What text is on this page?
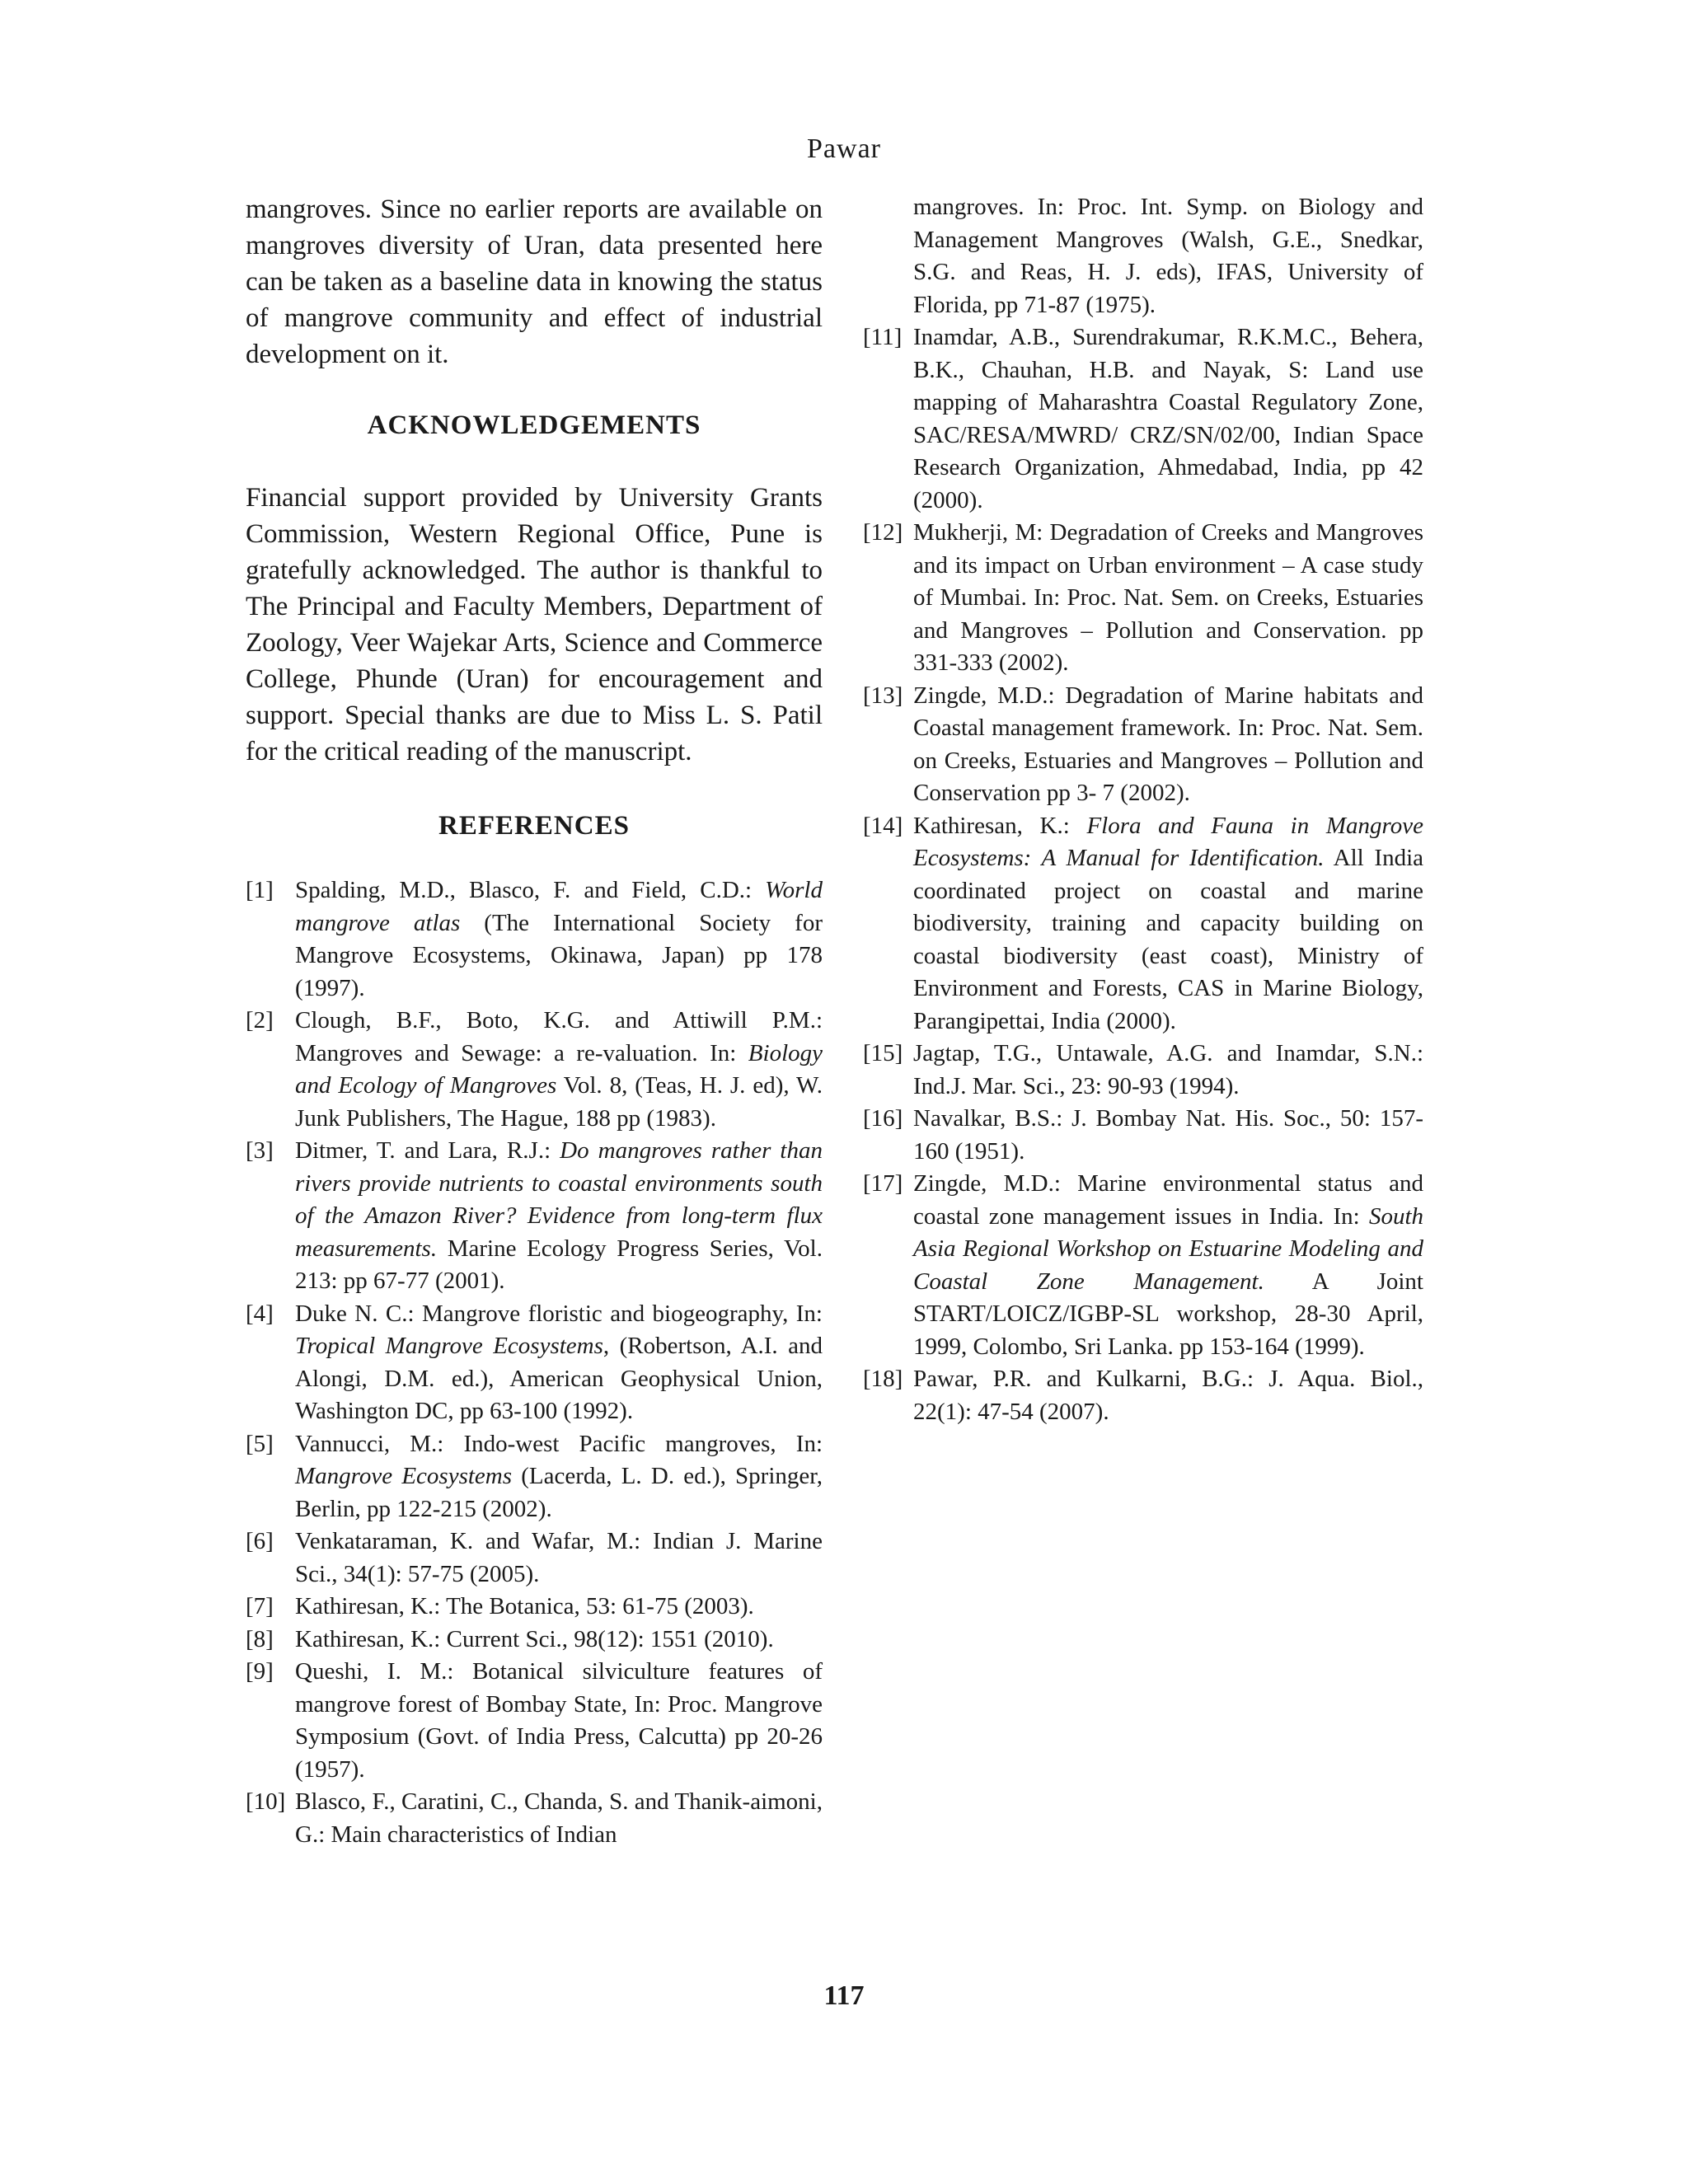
Pawar

mangroves. Since no earlier reports are available on mangroves diversity of Uran, data presented here can be taken as a baseline data in knowing the status of mangrove community and effect of industrial development on it.

ACKNOWLEDGEMENTS

Financial support provided by University Grants Commission, Western Regional Office, Pune is gratefully acknowledged. The author is thankful to The Principal and Faculty Members, Department of Zoology, Veer Wajekar Arts, Science and Commerce College, Phunde (Uran) for encouragement and support. Special thanks are due to Miss L. S. Patil for the critical reading of the manuscript.

REFERENCES
[1] Spalding, M.D., Blasco, F. and Field, C.D.: World mangrove atlas (The International Society for Mangrove Ecosystems, Okinawa, Japan) pp 178 (1997).
[2] Clough, B.F., Boto, K.G. and Attiwill P.M.: Mangroves and Sewage: a re-valuation. In: Biology and Ecology of Mangroves Vol. 8, (Teas, H. J. ed), W. Junk Publishers, The Hague, 188 pp (1983).
[3] Ditmer, T. and Lara, R.J.: Do mangroves rather than rivers provide nutrients to coastal environments south of the Amazon River? Evidence from long-term flux measurements. Marine Ecology Progress Series, Vol. 213: pp 67-77 (2001).
[4] Duke N. C.: Mangrove floristic and biogeography, In: Tropical Mangrove Ecosystems, (Robertson, A.I. and Alongi, D.M. ed.), American Geophysical Union, Washington DC, pp 63-100 (1992).
[5] Vannucci, M.: Indo-west Pacific mangroves, In: Mangrove Ecosystems (Lacerda, L. D. ed.), Springer, Berlin, pp 122-215 (2002).
[6] Venkataraman, K. and Wafar, M.: Indian J. Marine Sci., 34(1): 57-75 (2005).
[7] Kathiresan, K.: The Botanica, 53: 61-75 (2003).
[8] Kathiresan, K.: Current Sci., 98(12): 1551 (2010).
[9] Queshi, I. M.: Botanical silviculture features of mangrove forest of Bombay State, In: Proc. Mangrove Symposium (Govt. of India Press, Calcutta) pp 20-26 (1957).
[10] Blasco, F., Caratini, C., Chanda, S. and Thanik-aimoni, G.: Main characteristics of Indian
mangroves. In: Proc. Int. Symp. on Biology and Management Mangroves (Walsh, G.E., Snedkar, S.G. and Reas, H. J. eds), IFAS, University of Florida, pp 71-87 (1975).
[11] Inamdar, A.B., Surendrakumar, R.K.M.C., Behera, B.K., Chauhan, H.B. and Nayak, S: Land use mapping of Maharashtra Coastal Regulatory Zone, SAC/RESA/MWRD/ CRZ/SN/02/00, Indian Space Research Organization, Ahmedabad, India, pp 42 (2000).
[12] Mukherji, M: Degradation of Creeks and Mangroves and its impact on Urban environment – A case study of Mumbai. In: Proc. Nat. Sem. on Creeks, Estuaries and Mangroves – Pollution and Conservation. pp 331-333 (2002).
[13] Zingde, M.D.: Degradation of Marine habitats and Coastal management framework. In: Proc. Nat. Sem. on Creeks, Estuaries and Mangroves – Pollution and Conservation pp 3- 7 (2002).
[14] Kathiresan, K.: Flora and Fauna in Mangrove Ecosystems: A Manual for Identification. All India coordinated project on coastal and marine biodiversity, training and capacity building on coastal biodiversity (east coast), Ministry of Environment and Forests, CAS in Marine Biology, Parangipettai, India (2000).
[15] Jagtap, T.G., Untawale, A.G. and Inamdar, S.N.: Ind.J. Mar. Sci., 23: 90-93 (1994).
[16] Navalkar, B.S.: J. Bombay Nat. His. Soc., 50: 157-160 (1951).
[17] Zingde, M.D.: Marine environmental status and coastal zone management issues in India. In: South Asia Regional Workshop on Estuarine Modeling and Coastal Zone Management. A Joint START/LOICZ/IGBP-SL workshop, 28-30 April, 1999, Colombo, Sri Lanka. pp 153-164 (1999).
[18] Pawar, P.R. and Kulkarni, B.G.: J. Aqua. Biol., 22(1): 47-54 (2007).
117
